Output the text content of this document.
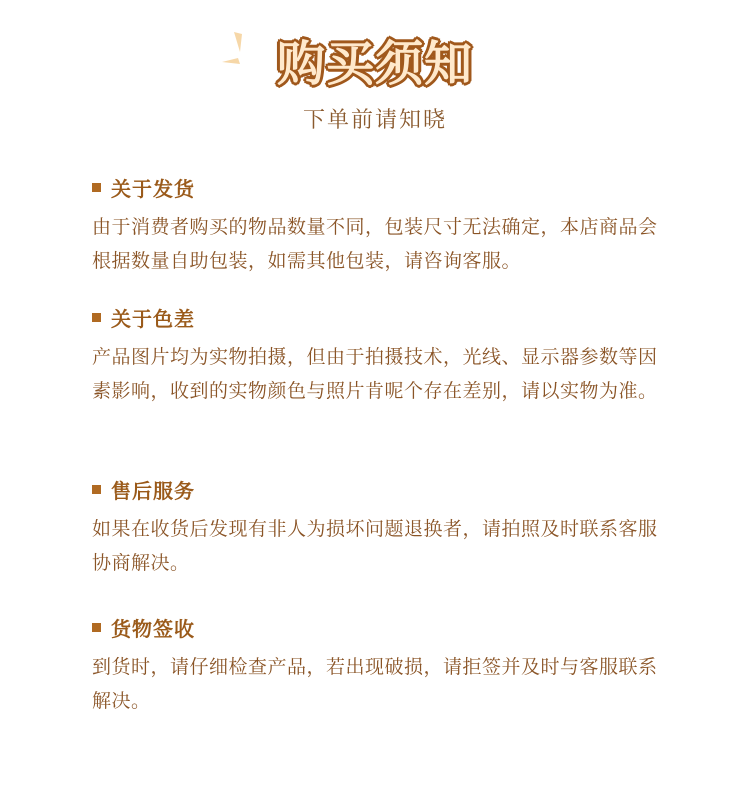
购买须知
下单前请知晓
关于发货
由于消费者购买的物品数量不同，包装尺寸无法确定，本店商品会根据数量自助包装，如需其他包装，请咨询客服。
关于色差
产品图片均为实物拍摄，但由于拍摄技术，光线、显示器参数等因素影响，收到的实物颜色与照片肯呢个存在差别，请以实物为准。
售后服务
如果在收货后发现有非人为损坏问题退换者，请拍照及时联系客服协商解决。
货物签收
到货时，请仔细检查产品，若出现破损，请拒签并及时与客服联系解决。
